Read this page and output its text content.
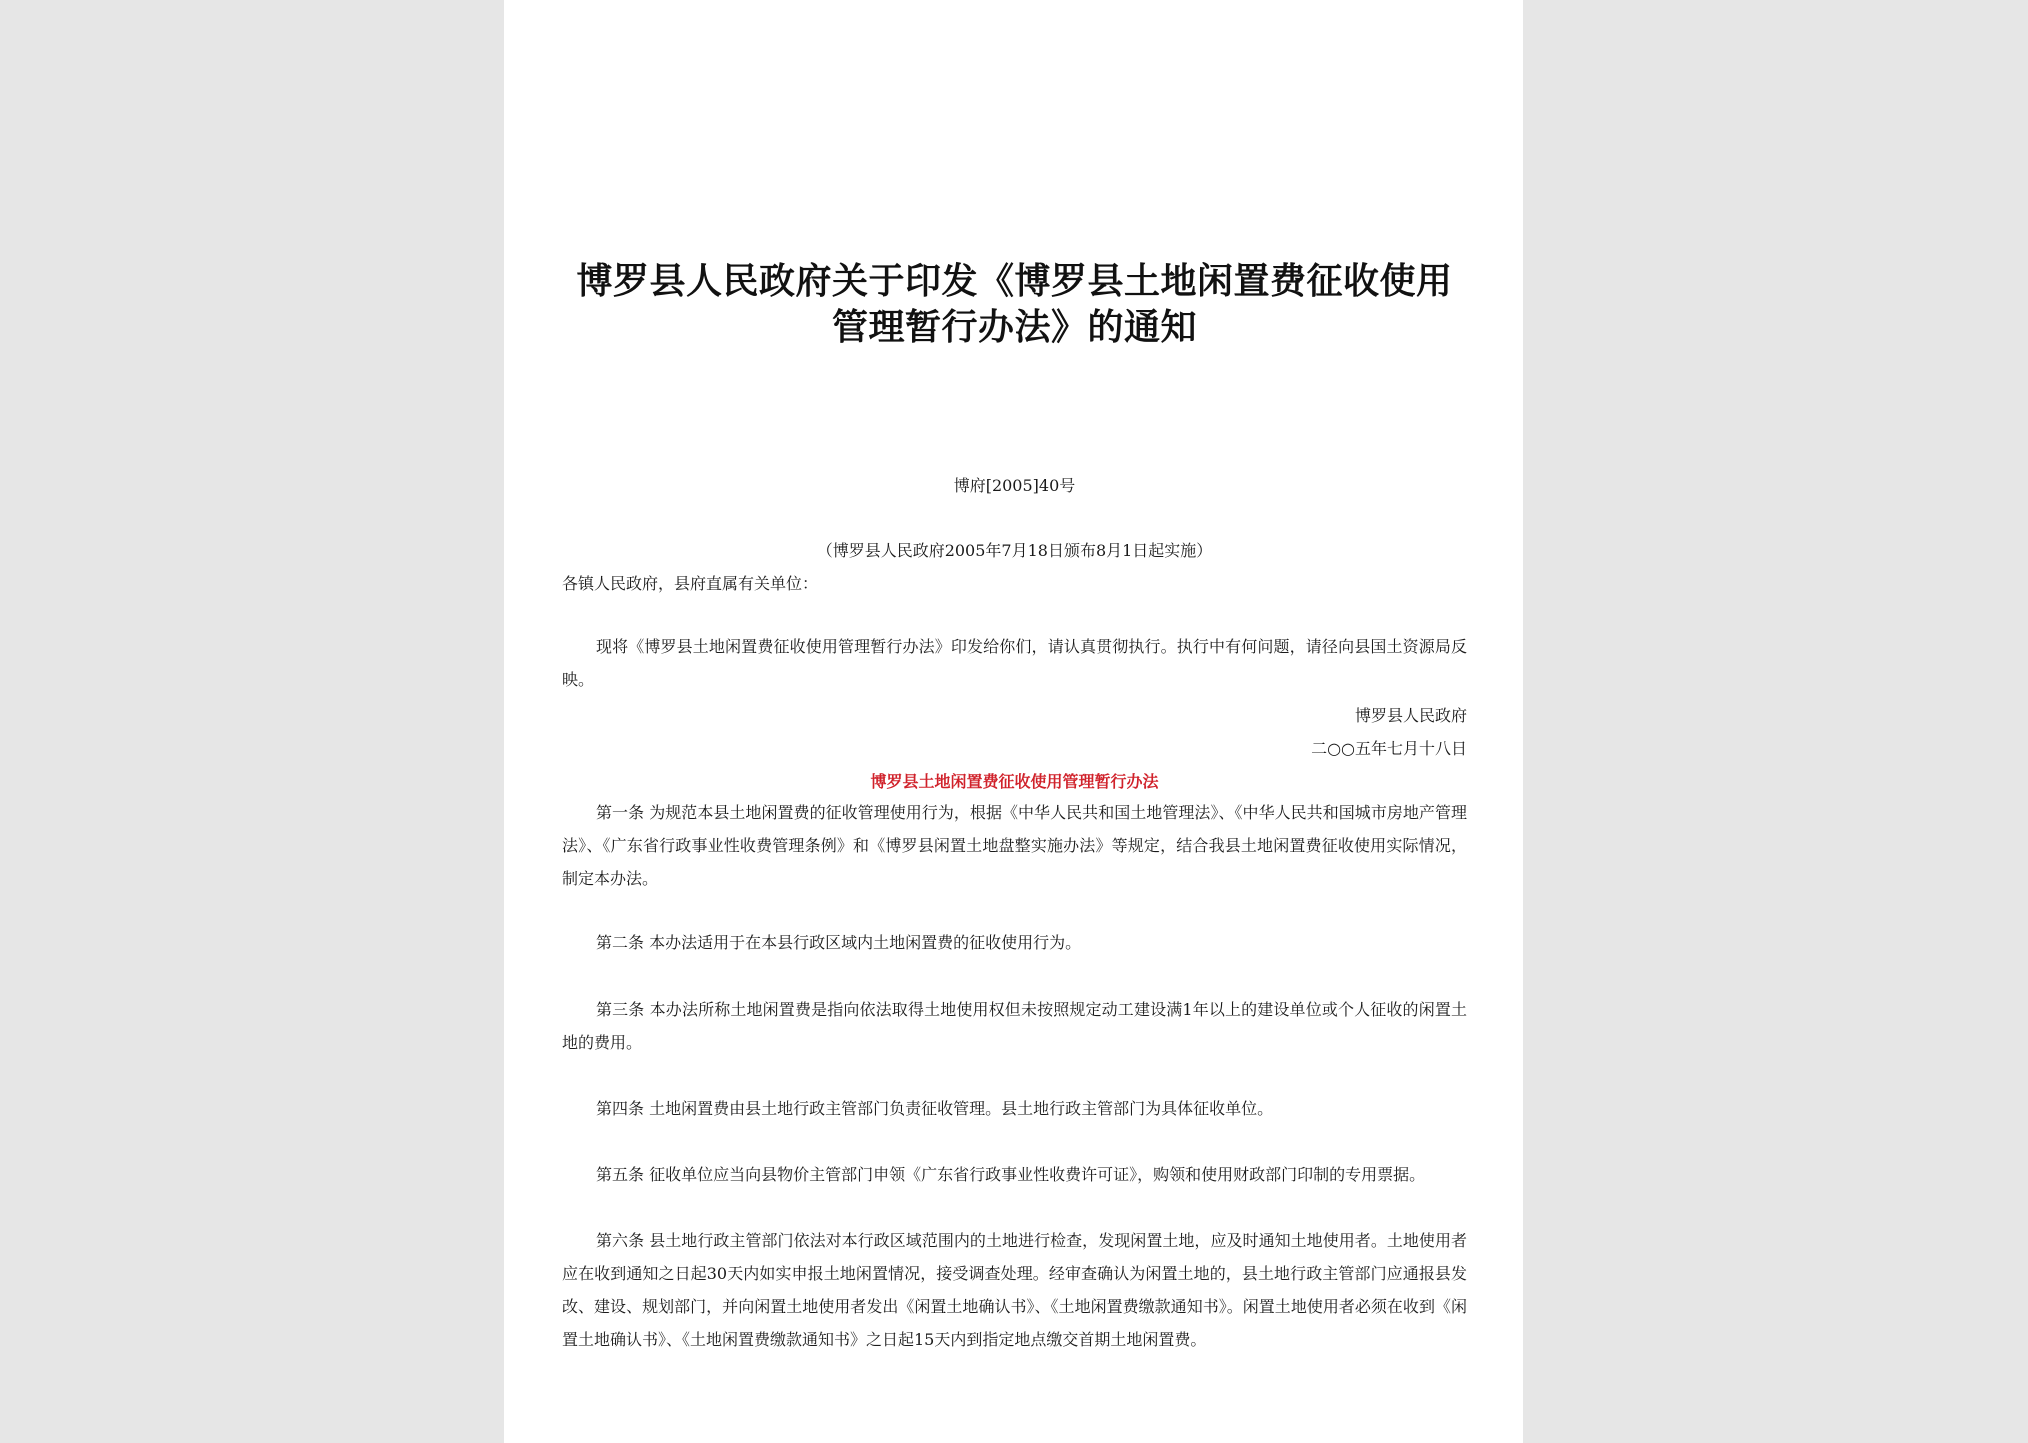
博罗县人民政府关于印发《博罗县土地闲置费征收使用
管理暂行办法》的通知
博府[2005]40号
（博罗县人民政府2005年7月18日颁布8月1日起实施）
各镇人民政府，县府直属有关单位：
现将《博罗县土地闲置费征收使用管理暂行办法》印发给你们，请认真贯彻执行。执行中有何问题，请径向县国土资源局反映。
博罗县人民政府
二○○五年七月十八日
博罗县土地闲置费征收使用管理暂行办法
第一条 为规范本县土地闲置费的征收管理使用行为，根据《中华人民共和国土地管理法》、《中华人民共和国城市房地产管理法》、《广东省行政事业性收费管理条例》和《博罗县闲置土地盘整实施办法》等规定，结合我县土地闲置费征收使用实际情况，制定本办法。
第二条 本办法适用于在本县行政区域内土地闲置费的征收使用行为。
第三条 本办法所称土地闲置费是指向依法取得土地使用权但未按照规定动工建设满1年以上的建设单位或个人征收的闲置土地的费用。
第四条 土地闲置费由县土地行政主管部门负责征收管理。县土地行政主管部门为具体征收单位。
第五条 征收单位应当向县物价主管部门申领《广东省行政事业性收费许可证》，购领和使用财政部门印制的专用票据。
第六条 县土地行政主管部门依法对本行政区域范围内的土地进行检查，发现闲置土地，应及时通知土地使用者。土地使用者应在收到通知之日起30天内如实申报土地闲置情况，接受调查处理。经审查确认为闲置土地的，县土地行政主管部门应通报县发改、建设、规划部门，并向闲置土地使用者发出《闲置土地确认书》、《土地闲置费缴款通知书》。闲置土地使用者必须在收到《闲置土地确认书》、《土地闲置费缴款通知书》之日起15天内到指定地点缴交首期土地闲置费。
